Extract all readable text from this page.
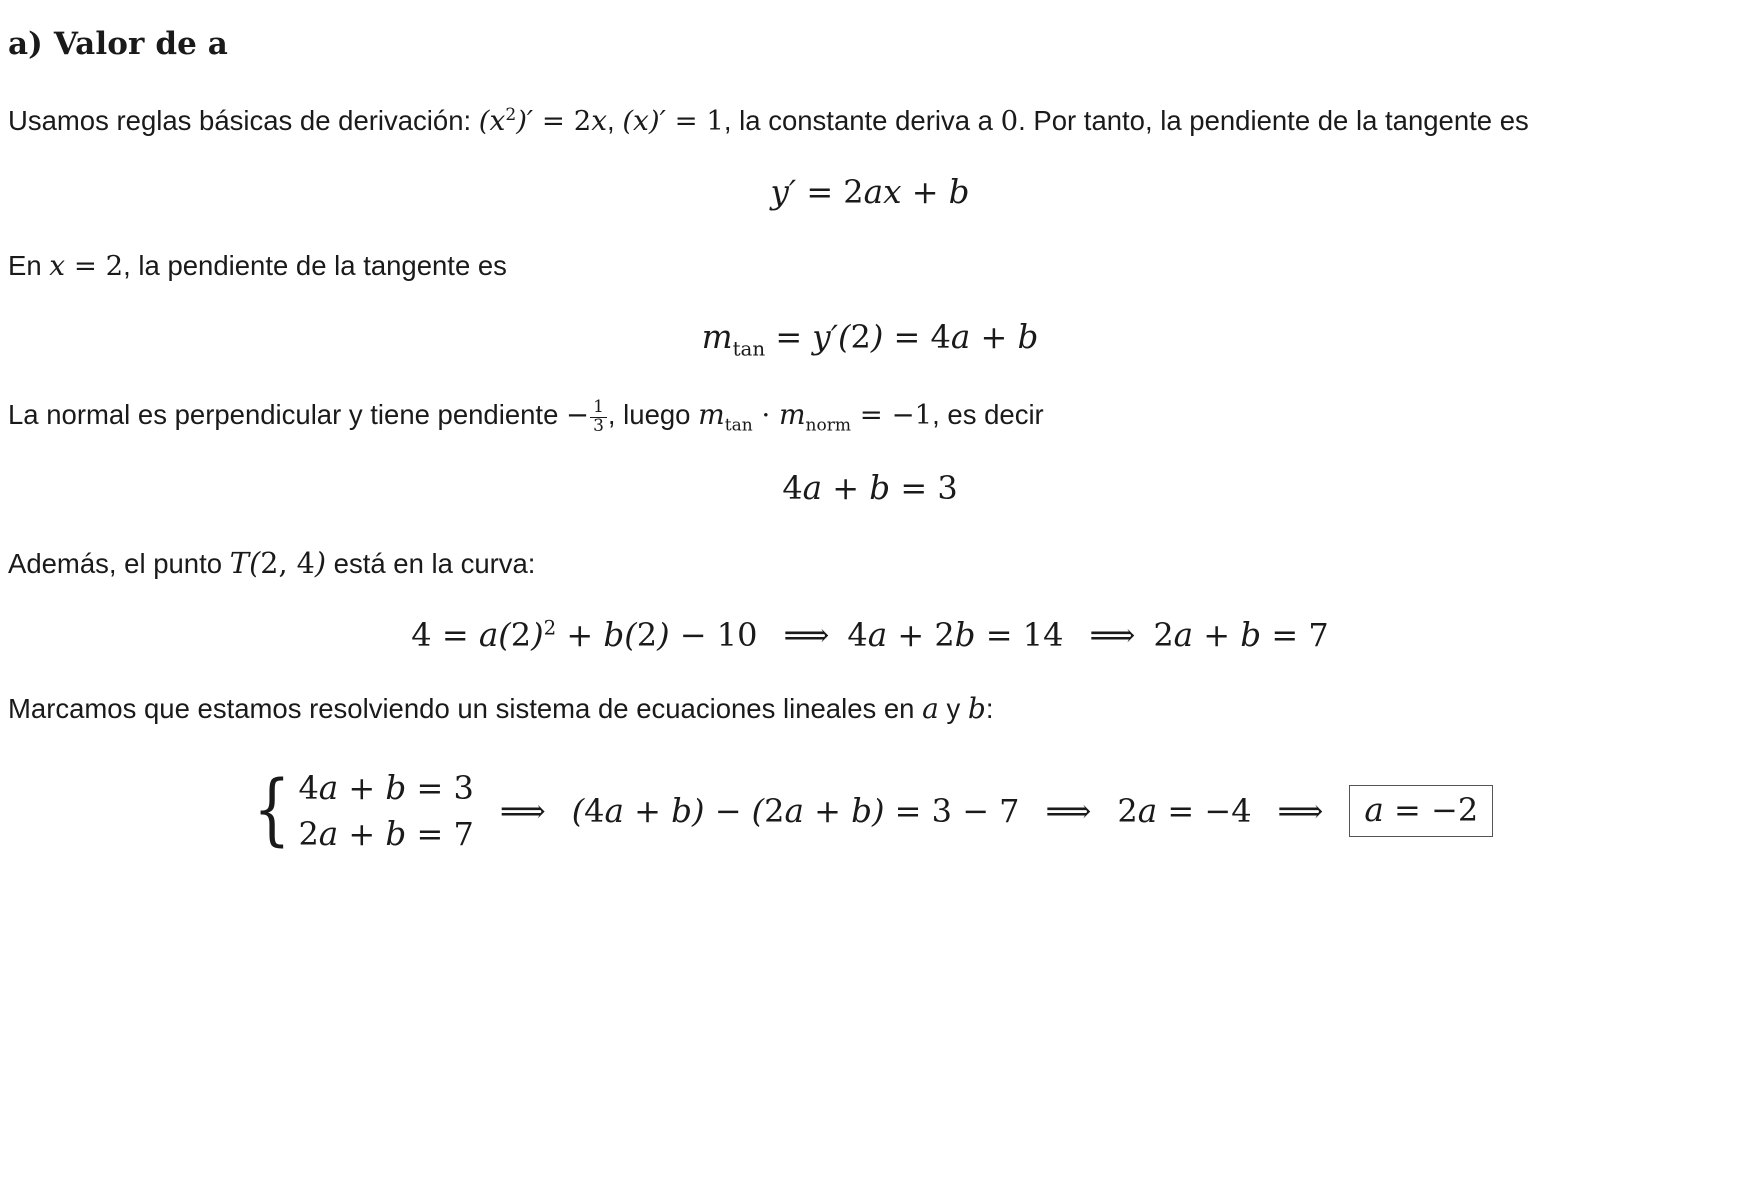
a) Valor de a

Usamos reglas básicas de derivación: $(x^2)' = 2x$, (x)′ = 1, la constante deriva a 0. Por tanto, la pendiente de la tangente es

y′ = 2ax + b

En x = 2, la pendiente de la tangente es

$m_{tan} = y'(2) = 4a + b$

La normal es perpendicular y tiene pendiente − $\frac{1}{3}$ , luego $m_{tan} \cdot m_{norm} = -1$, es decir

4a + b = 3

Además, el punto T(2, 4) está en la curva:

$4 = a(2)^2 + b(2) - 10$ ⟹ 4a + 2b = 14 ⟹ 2a + b = 7

Marcamos que estamos resolviendo un sistema de ecuaciones lineales en a y b:

{ 4a + b = 3
2a + b = 7
⟹ (4a + b) − (2a + b) = 3 − 7 ⟹ 2a = −4 ⟹	a = −2
